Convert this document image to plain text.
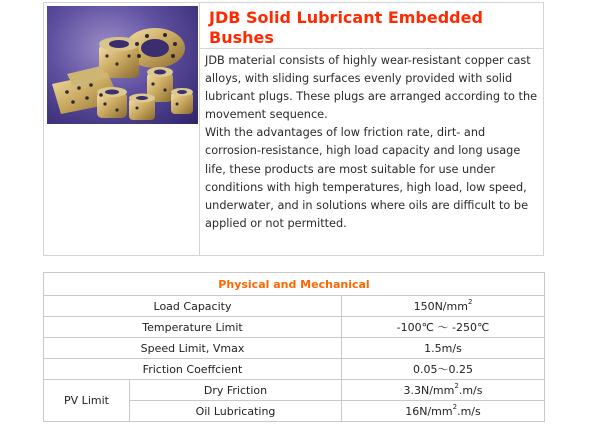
JDB Solid Lubricant Embedded Bushes

JDB material consists of highly wear-resistant copper cast alloys, with sliding surfaces evenly provided with solid lubricant plugs. These plugs are arranged according to the movement sequence.

With the advantages of low friction rate, dirt- and corrosion-resistance, high load capacity and long usage life, these products are most suitable for use under conditions with high temperatures, high load, low speed, underwater, and in solutions where oils are difficult to be applied or not permitted.

Physical and Mechanical		
Load Capacity		$150N/mm^2$
Temperature Limit		-100℃ ～ -250℃
Speed Limit, Vmax		1.5m/s
Friction Coeffcient		0.05～0.25
PV Limit	Dry Friction	$3.3N/mm^2.m/s$
	Oil Lubricating	$16N/mm^2.m/s$
